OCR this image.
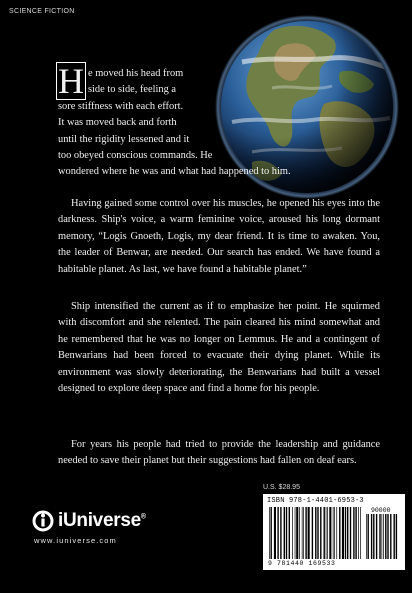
SCIENCE FICTION
H e moved his head from
side to side, feeling a
sore stiffness with each effort.
It was moved back and forth
until the rigidity lessened and it
too obeyed conscious commands. He
wondered where he was and what had happened to him.

Having gained some control over his muscles, he opened his eyes into the darkness. Ship's voice, a warm feminine voice, aroused his long dormant memory, “Logis Gnoeth, Logis, my dear friend. It is time to awaken. You, the leader of Benwar, are needed. Our search has ended. We have found a habitable planet. As last, we have found a habitable planet.”

Ship intensified the current as if to emphasize her point. He squirmed with discomfort and she relented. The pain cleared his mind somewhat and he remembered that he was no longer on Lemmus. He and a contingent of Benwarians had been forced to evacuate their dying planet. While its environment was slowly deteriorating, the Benwarians had built a vessel designed to explore deep space and find a home for his people.

For years his people had tried to provide the leadership and guidance needed to save their planet but their suggestions had fallen on deaf ears.

iUniverse®
www.iuniverse.com
U.S. $28.95
ISBN 978-1-4401-6953-3
90000
9 781440 169533
